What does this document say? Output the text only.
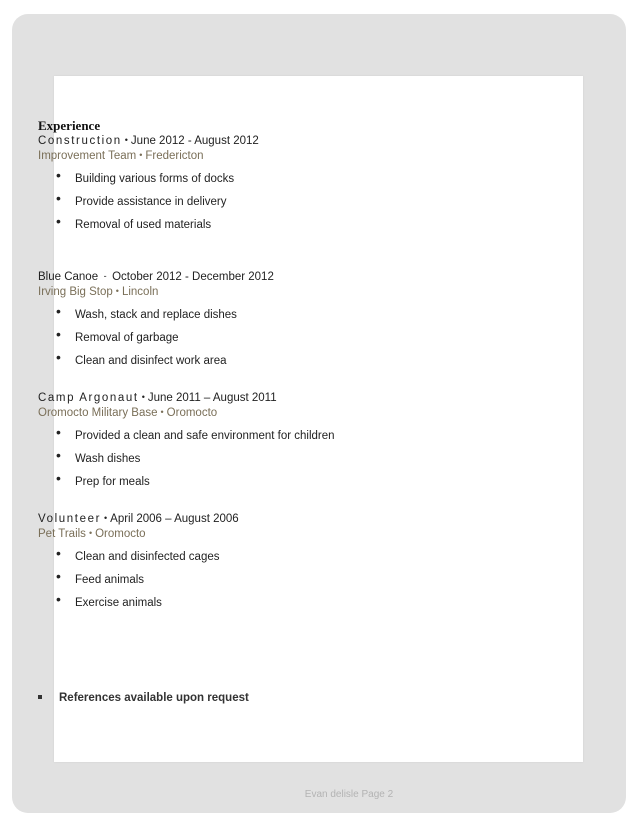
Experience
Construction • June 2012 - August 2012
Improvement Team • Fredericton
• Building various forms of docks
• Provide assistance in delivery
• Removal of used materials
Blue Canoe - October 2012 - December 2012
Irving Big Stop • Lincoln
• Wash, stack and replace dishes
• Removal of garbage
• Clean and disinfect work area
Camp Argonaut • June 2011 – August 2011
Oromocto Military Base • Oromocto
• Provided a clean and safe environment for children
• Wash dishes
• Prep for meals
Volunteer • April 2006 – August 2006
Pet Trails • Oromocto
• Clean and disinfected cages
• Feed animals
• Exercise animals
References available upon request
Evan delisle Page 2
